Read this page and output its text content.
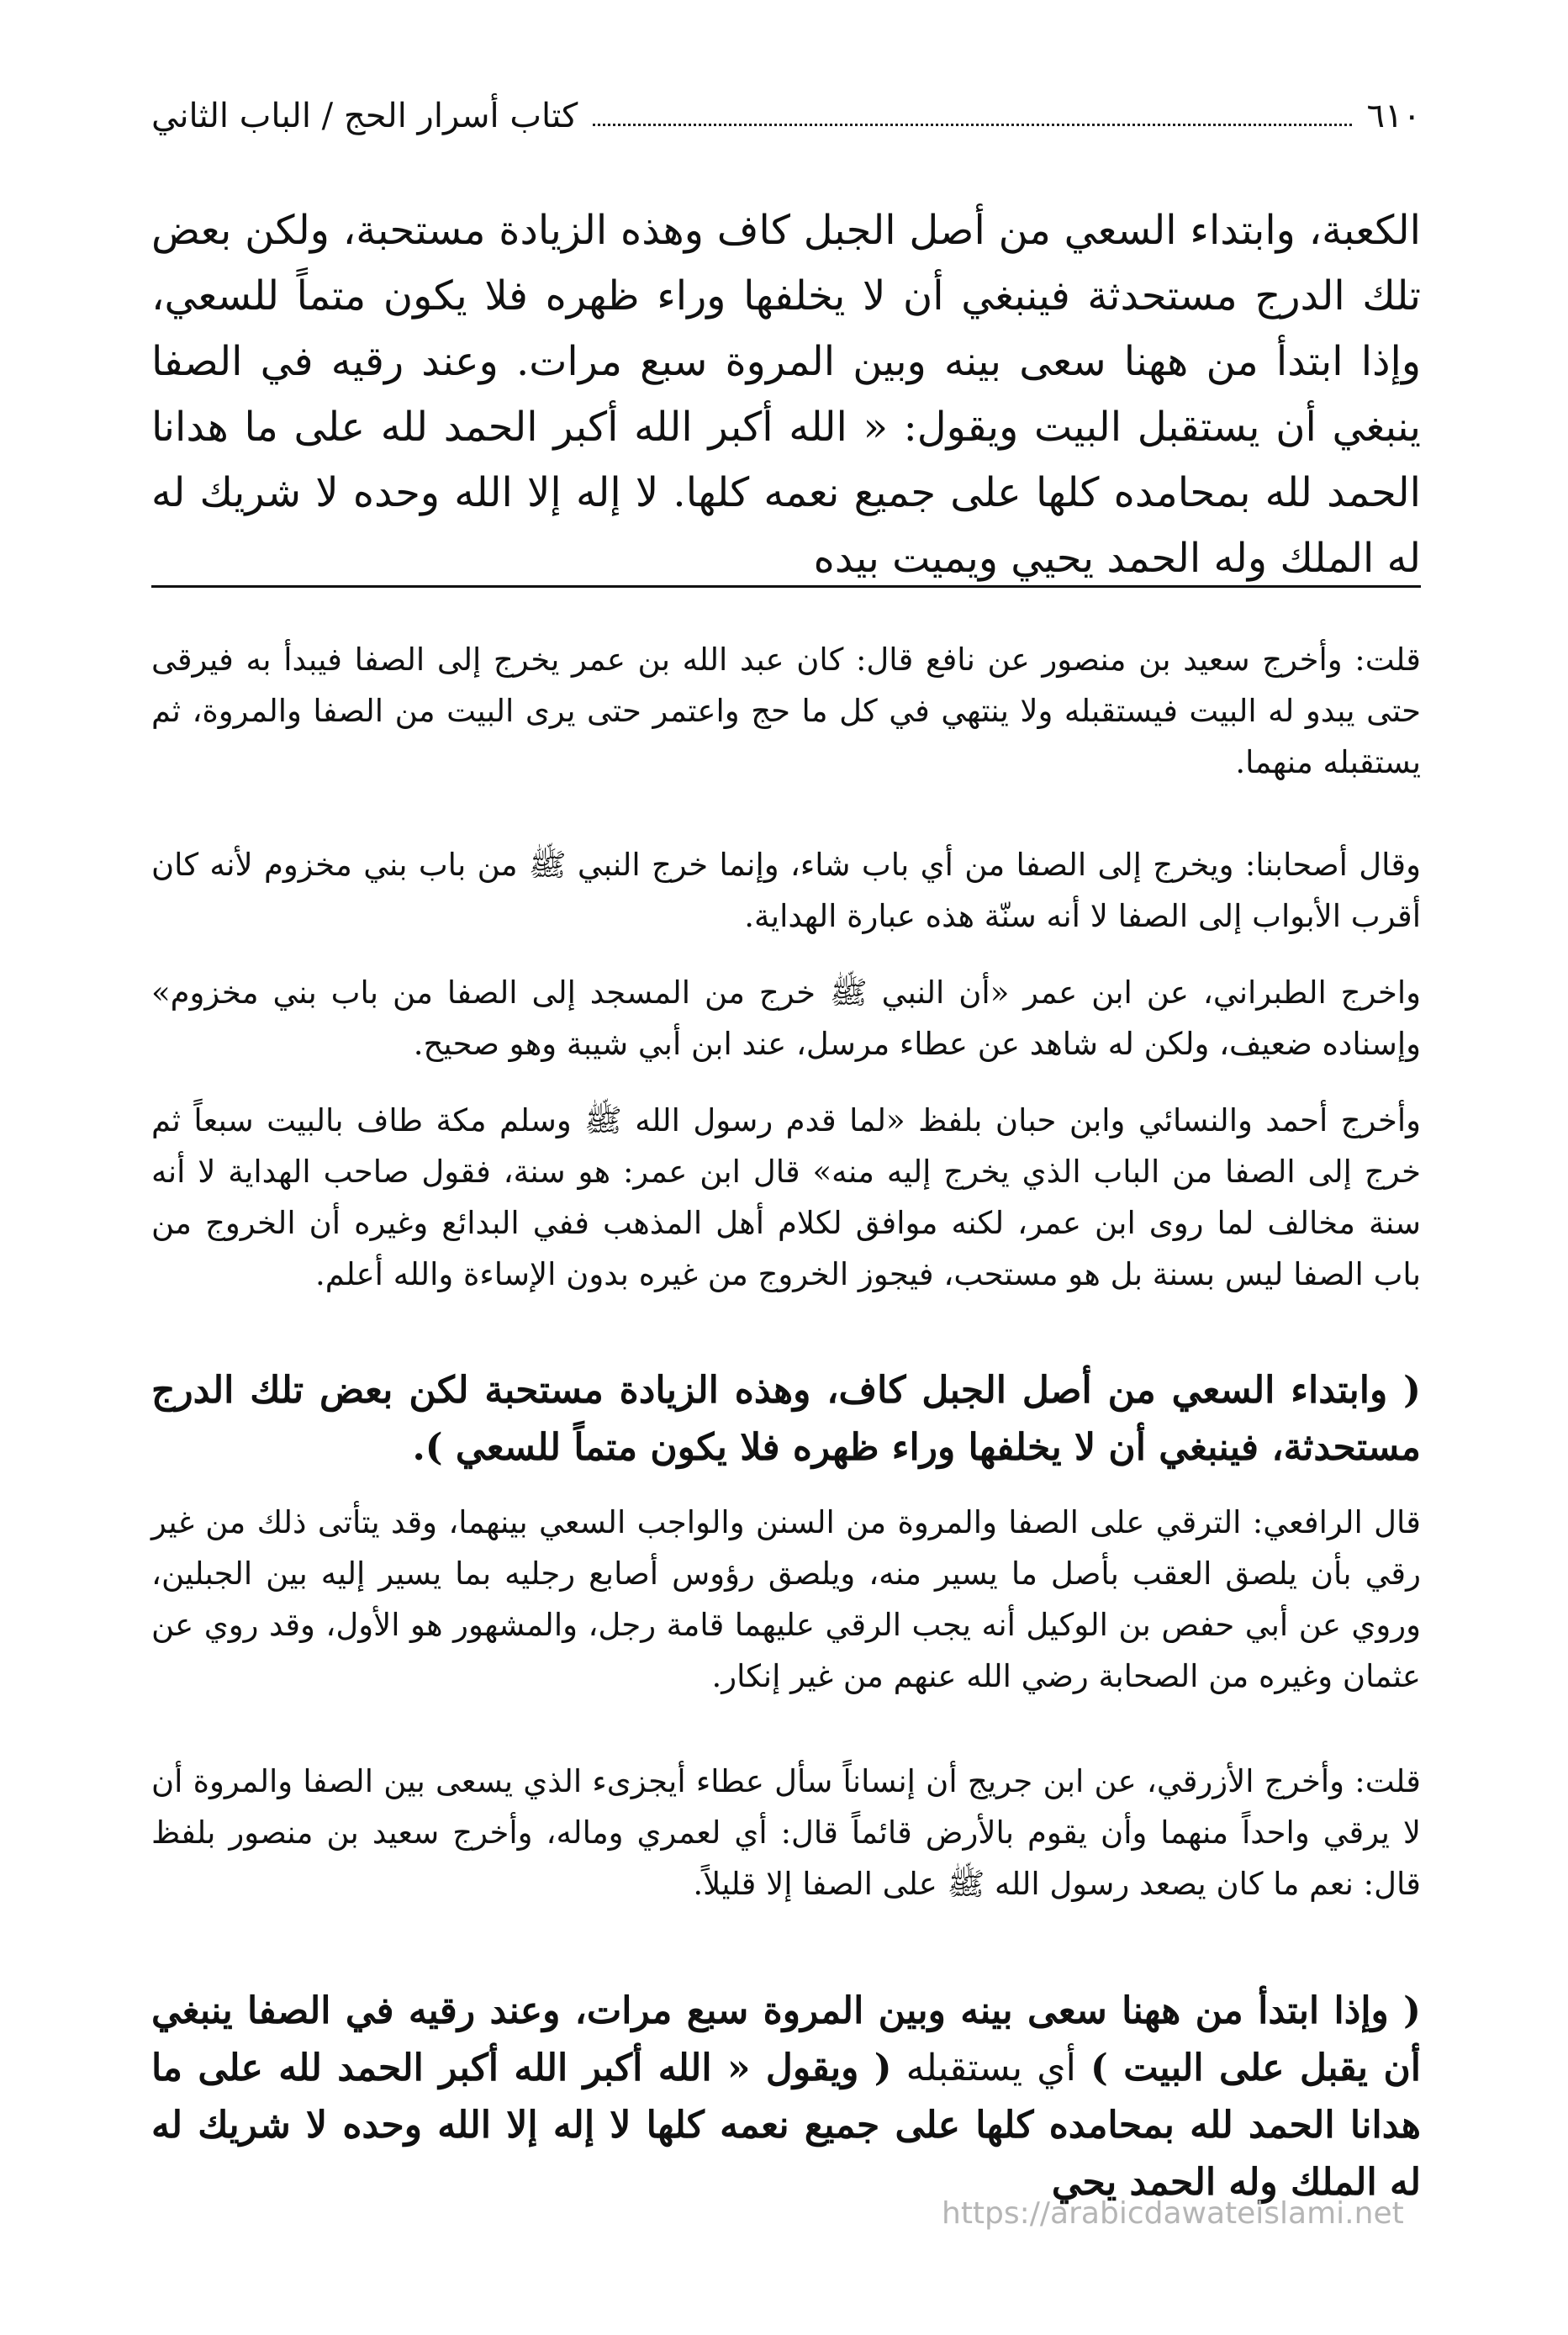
٦١٠
كتاب أسرار الحج / الباب الثاني
الكعبة، وابتداء السعي من أصل الجبل كاف وهذه الزيادة مستحبة، ولكن بعض تلك الدرج مستحدثة فينبغي أن لا يخلفها وراء ظهره فلا يكون متماً للسعي، وإذا ابتدأ من ههنا سعى بينه وبين المروة سبع مرات. وعند رقيه في الصفا ينبغي أن يستقبل البيت ويقول: « الله أكبر الله أكبر الحمد لله على ما هدانا الحمد لله بمحامده كلها على جميع نعمه كلها. لا إله إلا الله وحده لا شريك له له الملك وله الحمد يحيي ويميت بيده

قلت: وأخرج سعيد بن منصور عن نافع قال: كان عبد الله بن عمر يخرج إلى الصفا فيبدأ به فيرقى حتى يبدو له البيت فيستقبله ولا ينتهي في كل ما حج واعتمر حتى يرى البيت من الصفا والمروة، ثم يستقبله منهما.

وقال أصحابنا: ويخرج إلى الصفا من أي باب شاء، وإنما خرج النبي ﷺ من باب بني مخزوم لأنه كان أقرب الأبواب إلى الصفا لا أنه سنّة هذه عبارة الهداية.

واخرج الطبراني، عن ابن عمر «أن النبي ﷺ خرج من المسجد إلى الصفا من باب بني مخزوم» وإسناده ضعيف، ولكن له شاهد عن عطاء مرسل، عند ابن أبي شيبة وهو صحيح.

وأخرج أحمد والنسائي وابن حبان بلفظ «لما قدم رسول الله ﷺ وسلم مكة طاف بالبيت سبعاً ثم خرج إلى الصفا من الباب الذي يخرج إليه منه» قال ابن عمر: هو سنة، فقول صاحب الهداية لا أنه سنة مخالف لما روى ابن عمر، لكنه موافق لكلام أهل المذهب ففي البدائع وغيره أن الخروج من باب الصفا ليس بسنة بل هو مستحب، فيجوز الخروج من غيره بدون الإساءة والله أعلم.

( وابتداء السعي من أصل الجبل كاف، وهذه الزيادة مستحبة لكن بعض تلك الدرج مستحدثة، فينبغي أن لا يخلفها وراء ظهره فلا يكون متماً للسعي ).

قال الرافعي: الترقي على الصفا والمروة من السنن والواجب السعي بينهما، وقد يتأتى ذلك من غير رقي بأن يلصق العقب بأصل ما يسير منه، ويلصق رؤوس أصابع رجليه بما يسير إليه بين الجبلين، وروي عن أبي حفص بن الوكيل أنه يجب الرقي عليهما قامة رجل، والمشهور هو الأول، وقد روي عن عثمان وغيره من الصحابة رضي الله عنهم من غير إنكار.

قلت: وأخرج الأزرقي، عن ابن جريج أن إنساناً سأل عطاء أيجزىء الذي يسعى بين الصفا والمروة أن لا يرقي واحداً منهما وأن يقوم بالأرض قائماً قال: أي لعمري وماله، وأخرج سعيد بن منصور بلفظ قال: نعم ما كان يصعد رسول الله ﷺ على الصفا إلا قليلاً.

( وإذا ابتدأ من ههنا سعى بينه وبين المروة سبع مرات، وعند رقيه في الصفا ينبغي أن يقبل على البيت ) أي يستقبله ( ويقول « الله أكبر الله أكبر الحمد لله على ما هدانا الحمد لله بمحامده كلها على جميع نعمه كلها لا إله إلا الله وحده لا شريك له له الملك وله الحمد يحي

https://arabicdawateislami.net
